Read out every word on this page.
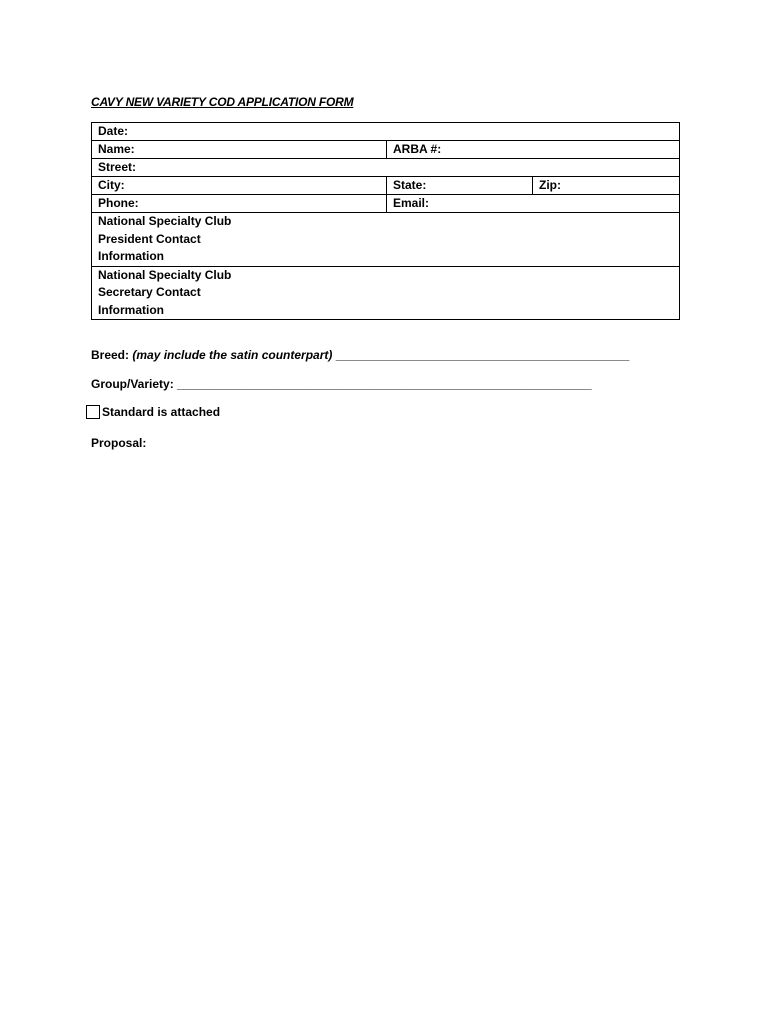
CAVY NEW VARIETY COD APPLICATION FORM
Date:		
Name:	ARBA #:	
Street:		
City:	State:	Zip:
Phone:	Email:	

National Specialty Club
President Contact
Information		

National Specialty Club
Secretary Contact
Information		
Breed: (may include the satin counterpart) ______________________________________________
Group/Variety: _________________________________________________________________
Standard is attached
Proposal:
